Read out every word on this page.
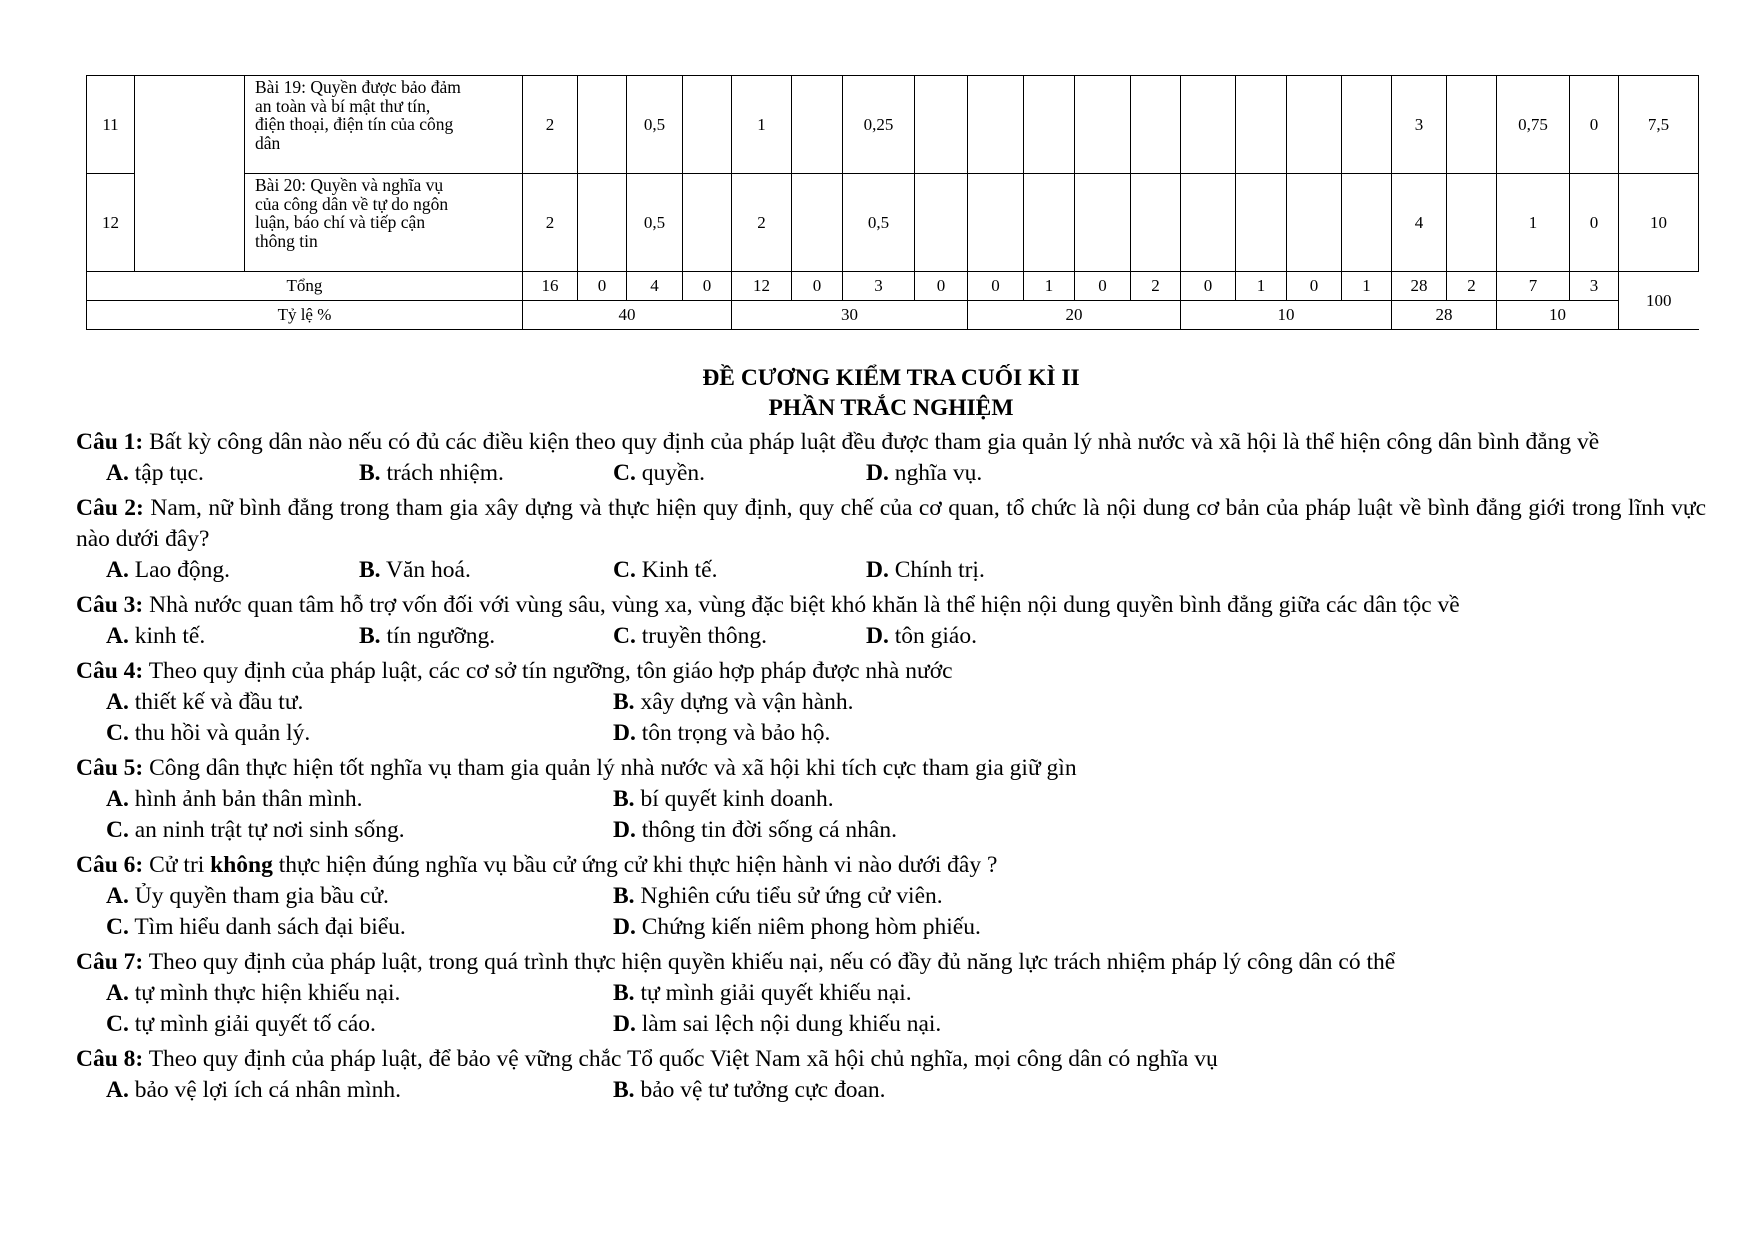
11		Bài 19: Quyền được bảo đảm
an toàn và bí mật thư tín,
điện thoại, điện tín của công
dân	2		0,5		1		0,25										3		0,75	0	7,5
12		Bài 20: Quyền và nghĩa vụ
của công dân về tự do ngôn
luận, báo chí và tiếp cận
thông tin	2		0,5		2		0,5										4		1	0	10
Tổng			16	0	4	0	12	0	3	0	0	1	0	2	0	1	0	1	28	2	7	3	100
Tỷ lệ %			40				30				20				10				28		10		
ĐỀ CƯƠNG KIỂM TRA CUỐI KÌ II
PHẦN TRẮC NGHIỆM
Câu 1: Bất kỳ công dân nào nếu có đủ các điều kiện theo quy định của pháp luật đều được tham gia quản lý nhà nước và xã hội là thể hiện công dân bình đẳng về
A. tập tục.	B. trách nhiệm.	C. quyền.	D. nghĩa vụ.
Câu 2: Nam, nữ bình đẳng trong tham gia xây dựng và thực hiện quy định, quy chế của cơ quan, tổ chức là nội dung cơ bản của pháp luật về bình đẳng giới trong lĩnh vực nào dưới đây?
A. Lao động.	B. Văn hoá.	C. Kinh tế.	D. Chính trị.
Câu 3: Nhà nước quan tâm hỗ trợ vốn đối với vùng sâu, vùng xa, vùng đặc biệt khó khăn là thể hiện nội dung quyền bình đẳng giữa các dân tộc về
A. kinh tế.	B. tín ngưỡng.	C. truyền thông.	D. tôn giáo.
Câu 4: Theo quy định của pháp luật, các cơ sở tín ngưỡng, tôn giáo hợp pháp được nhà nước
A. thiết kế và đầu tư.	B. xây dựng và vận hành.
C. thu hồi và quản lý.	D. tôn trọng và bảo hộ.
Câu 5: Công dân thực hiện tốt nghĩa vụ tham gia quản lý nhà nước và xã hội khi tích cực tham gia giữ gìn
A. hình ảnh bản thân mình.	B. bí quyết kinh doanh.
C. an ninh trật tự nơi sinh sống.	D. thông tin đời sống cá nhân.
Câu 6: Cử tri không thực hiện đúng nghĩa vụ bầu cử ứng cử khi thực hiện hành vi nào dưới đây ?
A. Ủy quyền tham gia bầu cử.	B. Nghiên cứu tiểu sử ứng cử viên.
C. Tìm hiểu danh sách đại biểu.	D. Chứng kiến niêm phong hòm phiếu.
Câu 7: Theo quy định của pháp luật, trong quá trình thực hiện quyền khiếu nại, nếu có đầy đủ năng lực trách nhiệm pháp lý công dân có thể
A. tự mình thực hiện khiếu nại.	B. tự mình giải quyết khiếu nại.
C. tự mình giải quyết tố cáo.	D. làm sai lệch nội dung khiếu nại.
Câu 8: Theo quy định của pháp luật, để bảo vệ vững chắc Tổ quốc Việt Nam xã hội chủ nghĩa, mọi công dân có nghĩa vụ
A. bảo vệ lợi ích cá nhân mình.	B. bảo vệ tư tưởng cực đoan.
